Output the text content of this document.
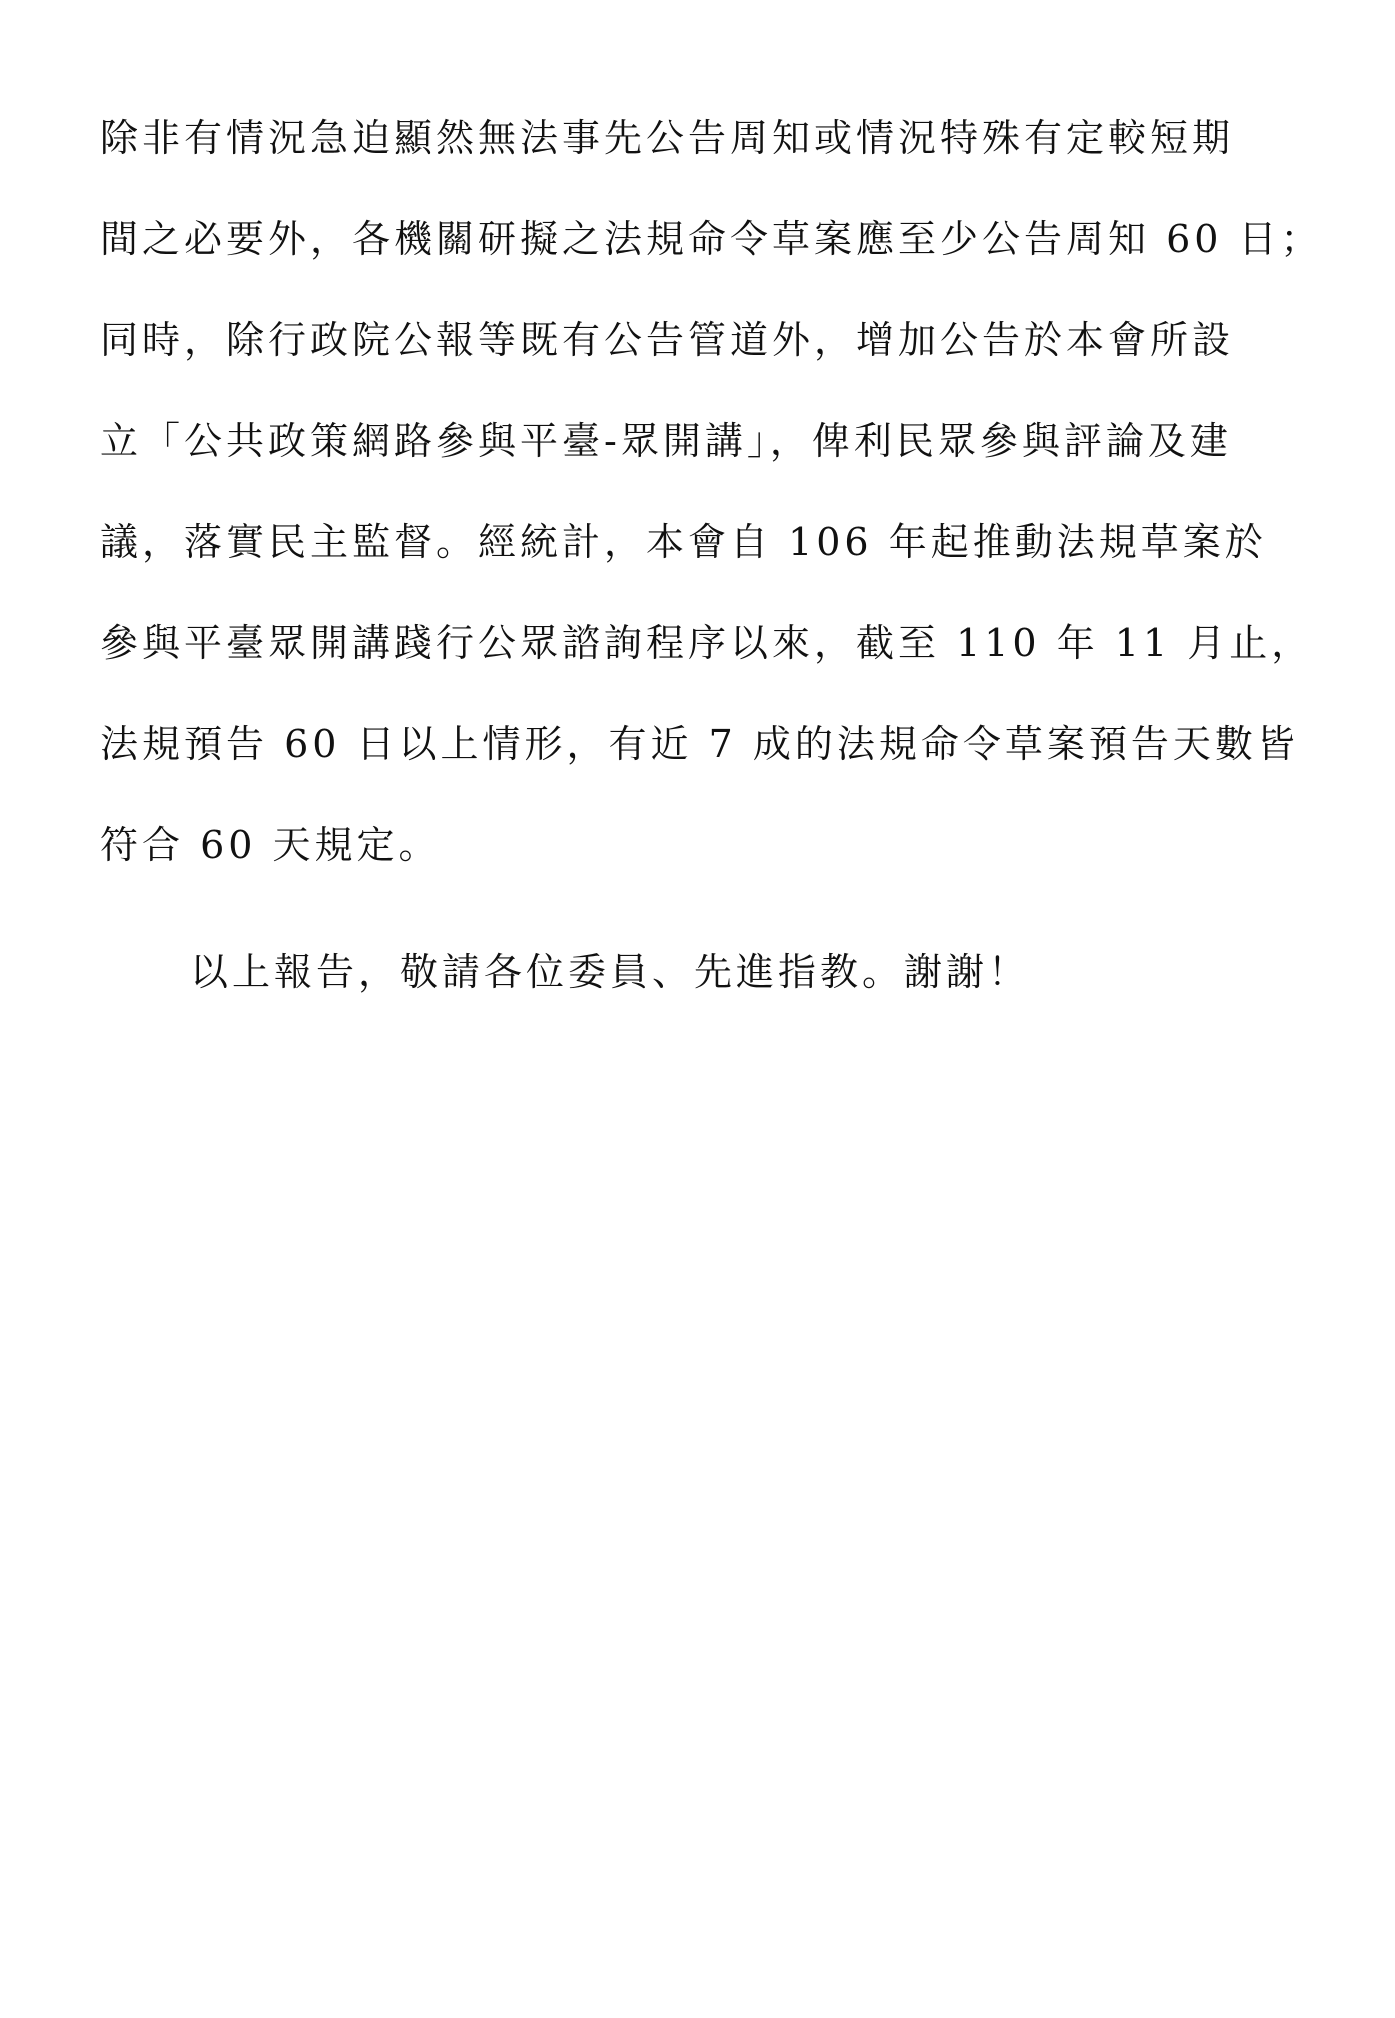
除非有情況急迫顯然無法事先公告周知或情況特殊有定較短期
間之必要外，各機關研擬之法規命令草案應至少公告周知 60 日；
同時，除行政院公報等既有公告管道外，增加公告於本會所設
立「公共政策網路參與平臺-眾開講」，俾利民眾參與評論及建
議，落實民主監督。經統計，本會自 106 年起推動法規草案於
參與平臺眾開講踐行公眾諮詢程序以來，截至 110 年 11 月止，
法規預告 60 日以上情形，有近 7 成的法規命令草案預告天數皆
符合 60 天規定。
以上報告，敬請各位委員、先進指教。謝謝！
